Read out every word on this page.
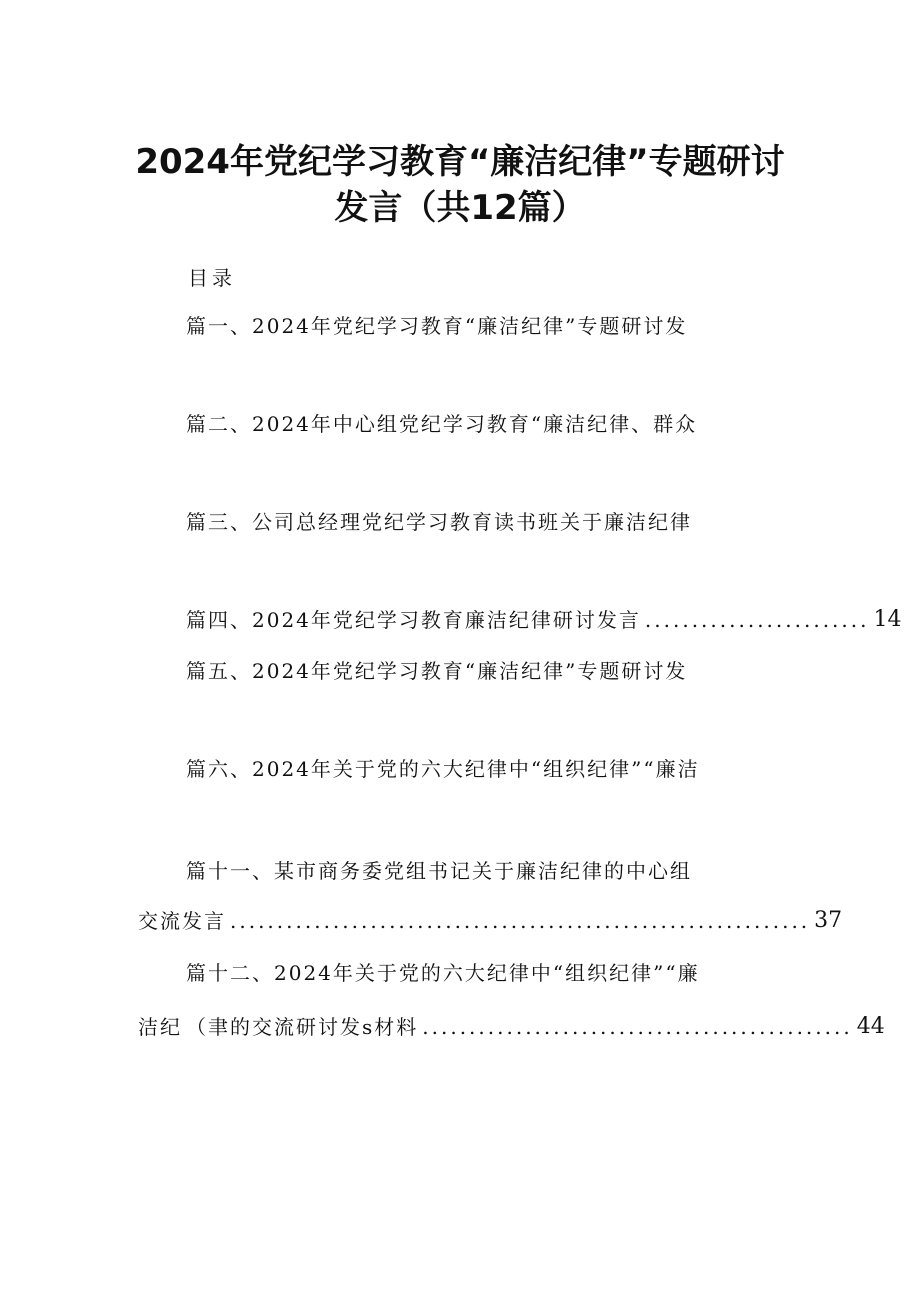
2024年党纪学习教育“廉洁纪律”专题研讨
发言（共12篇）
目录
篇一、2024年党纪学习教育“廉洁纪律”专题研讨发
篇二、2024年中心组党纪学习教育“廉洁纪律、群众
篇三、公司总经理党纪学习教育读书班关于廉洁纪律
篇四、2024年党纪学习教育廉洁纪律研讨发言 ........................ 14
篇五、2024年党纪学习教育“廉洁纪律”专题研讨发
篇六、2024年关于党的六大纪律中“组织纪律”“廉洁
篇十一、某市商务委党组书记关于廉洁纪律的中心组
交流发言 .............................................................. 37
篇十二、2024年关于党的六大纪律中“组织纪律”“廉
洁纪 （聿的交流研讨发s材料 .............................................. 44
